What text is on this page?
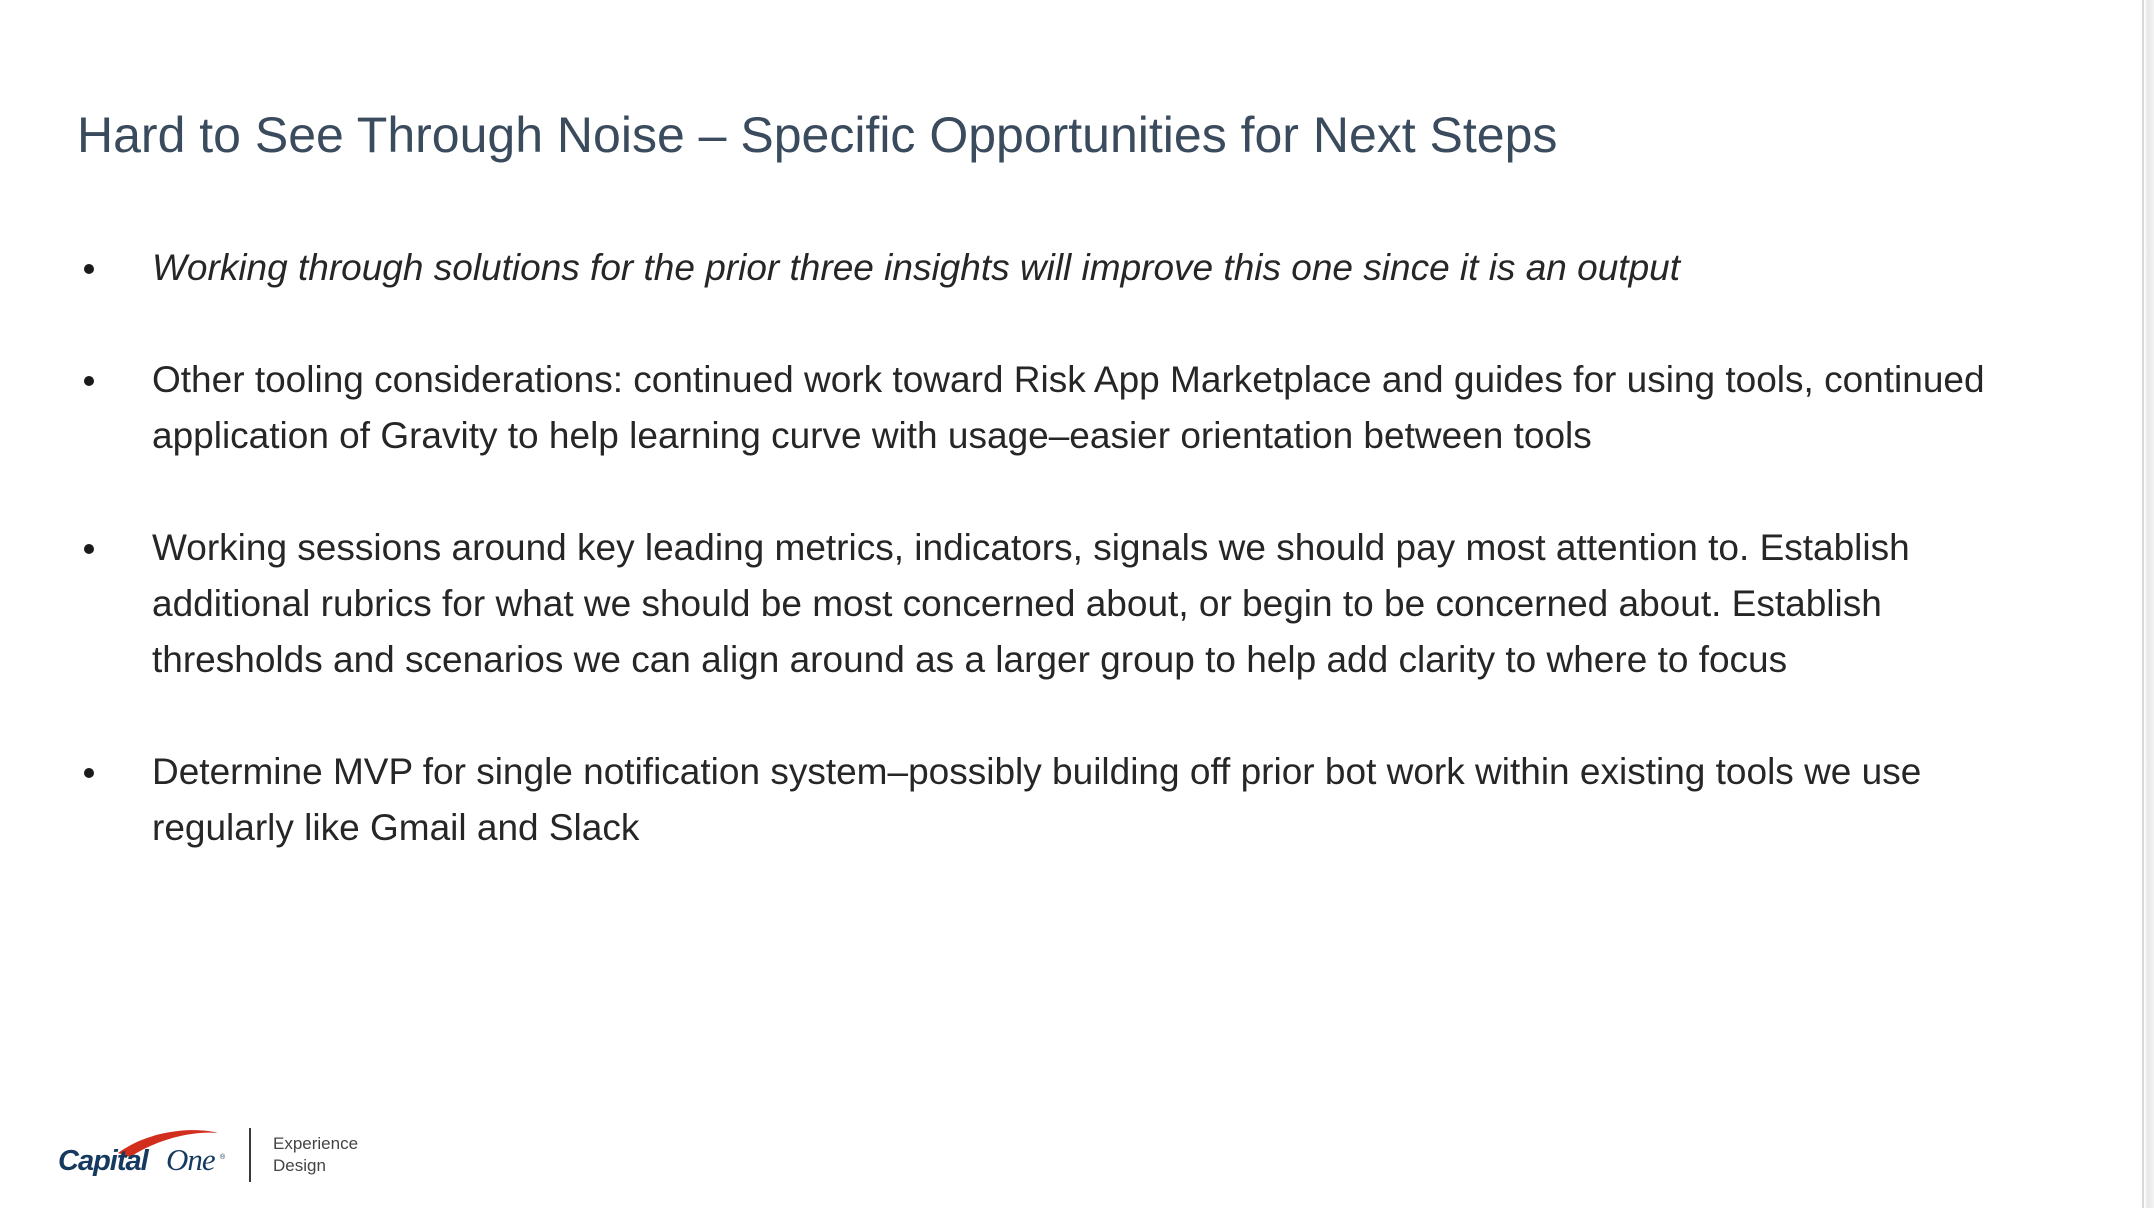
Hard to See Through Noise – Specific Opportunities for Next Steps
Working through solutions for the prior three insights will improve this one since it is an output
Other tooling considerations: continued work toward Risk App Marketplace and guides for using tools, continued application of Gravity to help learning curve with usage–easier orientation between tools
Working sessions around key leading metrics, indicators, signals we should pay most attention to. Establish additional rubrics for what we should be most concerned about, or begin to be concerned about. Establish thresholds and scenarios we can align around as a larger group to help add clarity to where to focus
Determine MVP for single notification system–possibly building off prior bot work within existing tools we use regularly like Gmail and Slack
Capital One ®
Experience
Design
